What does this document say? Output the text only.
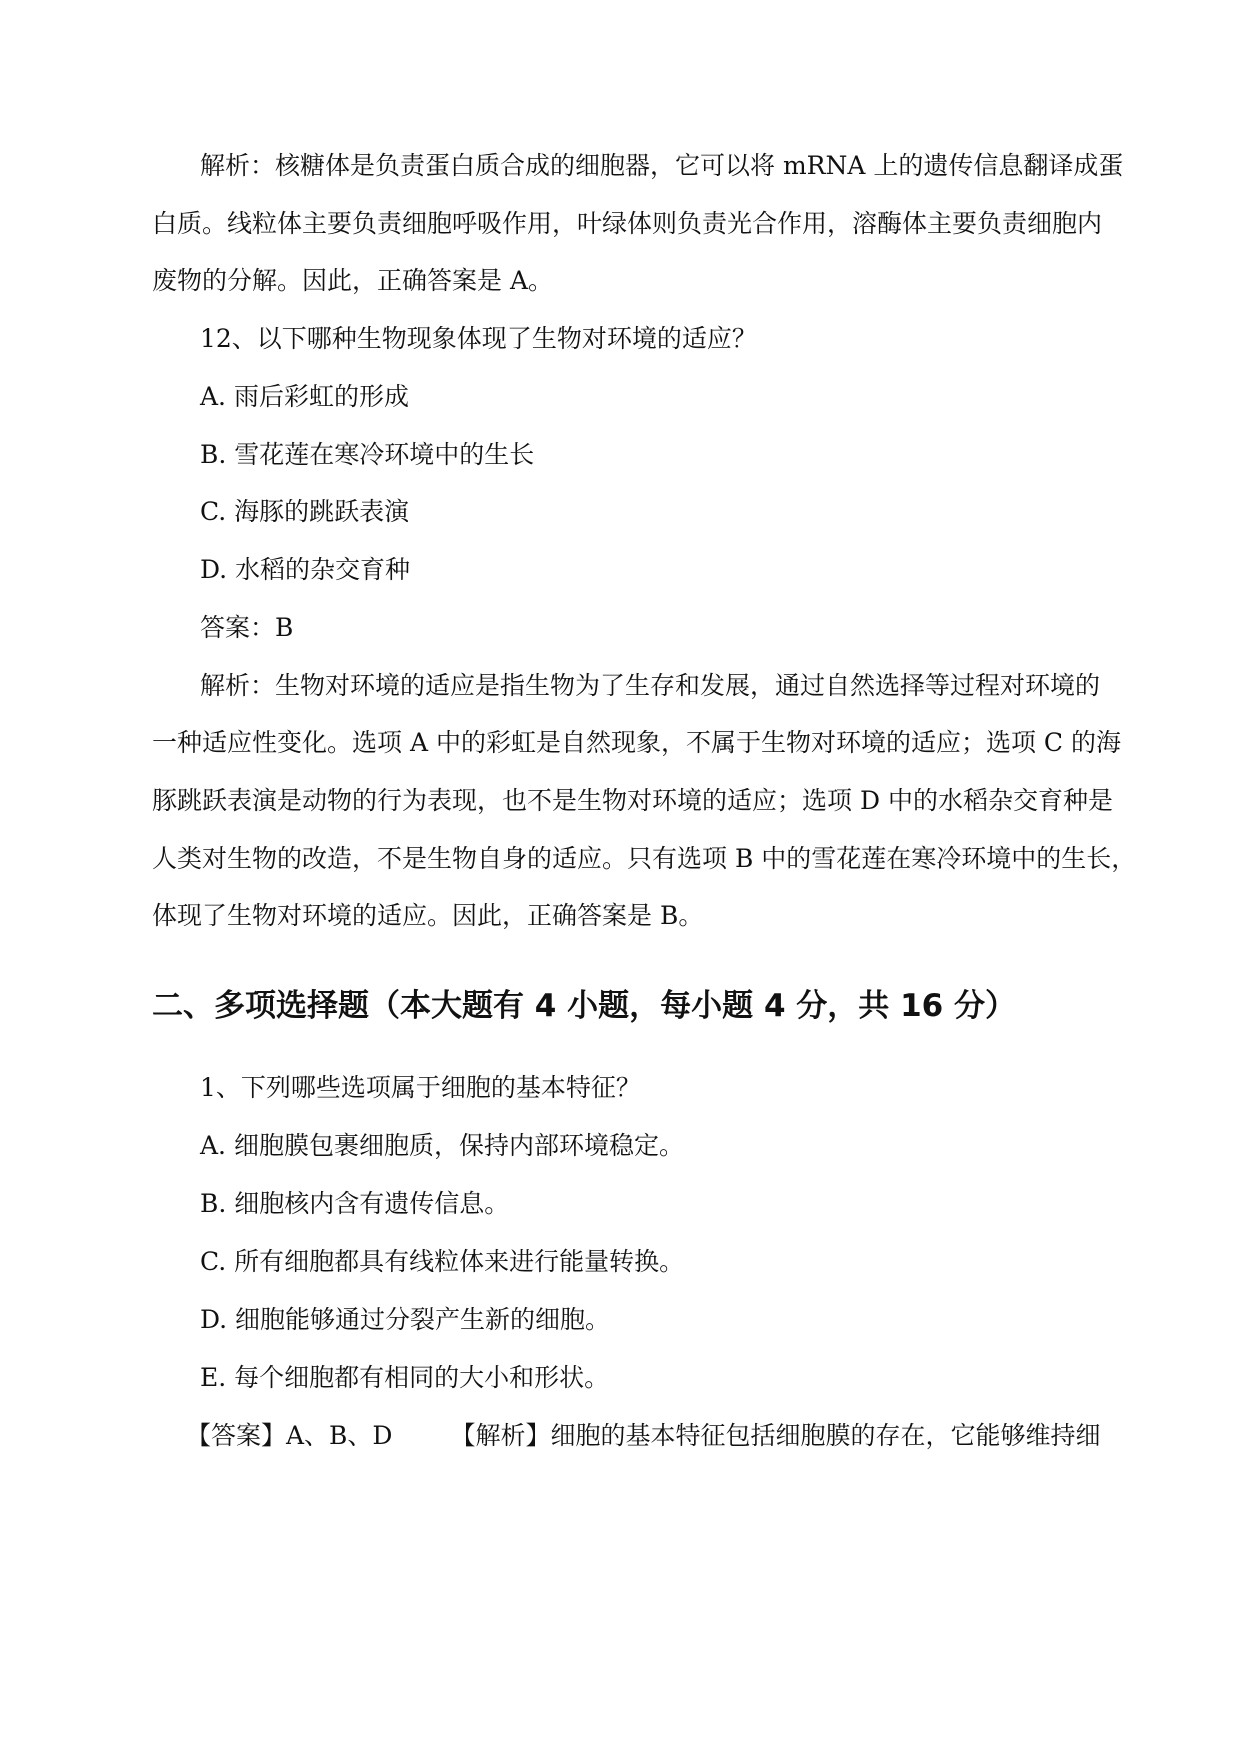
解析：核糖体是负责蛋白质合成的细胞器，它可以将 mRNA 上的遗传信息翻译成蛋
白质。线粒体主要负责细胞呼吸作用，叶绿体则负责光合作用，溶酶体主要负责细胞内
废物的分解。因此，正确答案是 A。
12、以下哪种生物现象体现了生物对环境的适应？
A. 雨后彩虹的形成
B. 雪花莲在寒冷环境中的生长
C. 海豚的跳跃表演
D. 水稻的杂交育种
答案：B
解析：生物对环境的适应是指生物为了生存和发展，通过自然选择等过程对环境的
一种适应性变化。选项 A 中的彩虹是自然现象，不属于生物对环境的适应；选项 C 的海
豚跳跃表演是动物的行为表现，也不是生物对环境的适应；选项 D 中的水稻杂交育种是
人类对生物的改造，不是生物自身的适应。只有选项 B 中的雪花莲在寒冷环境中的生长，
体现了生物对环境的适应。因此，正确答案是 B。
二、多项选择题（本大题有 4 小题，每小题 4 分，共 16 分）
1、下列哪些选项属于细胞的基本特征？
A. 细胞膜包裹细胞质，保持内部环境稳定。
B. 细胞核内含有遗传信息。
C. 所有细胞都具有线粒体来进行能量转换。
D. 细胞能够通过分裂产生新的细胞。
E. 每个细胞都有相同的大小和形状。
【答案】A、B、D 【解析】细胞的基本特征包括细胞膜的存在，它能够维持细
